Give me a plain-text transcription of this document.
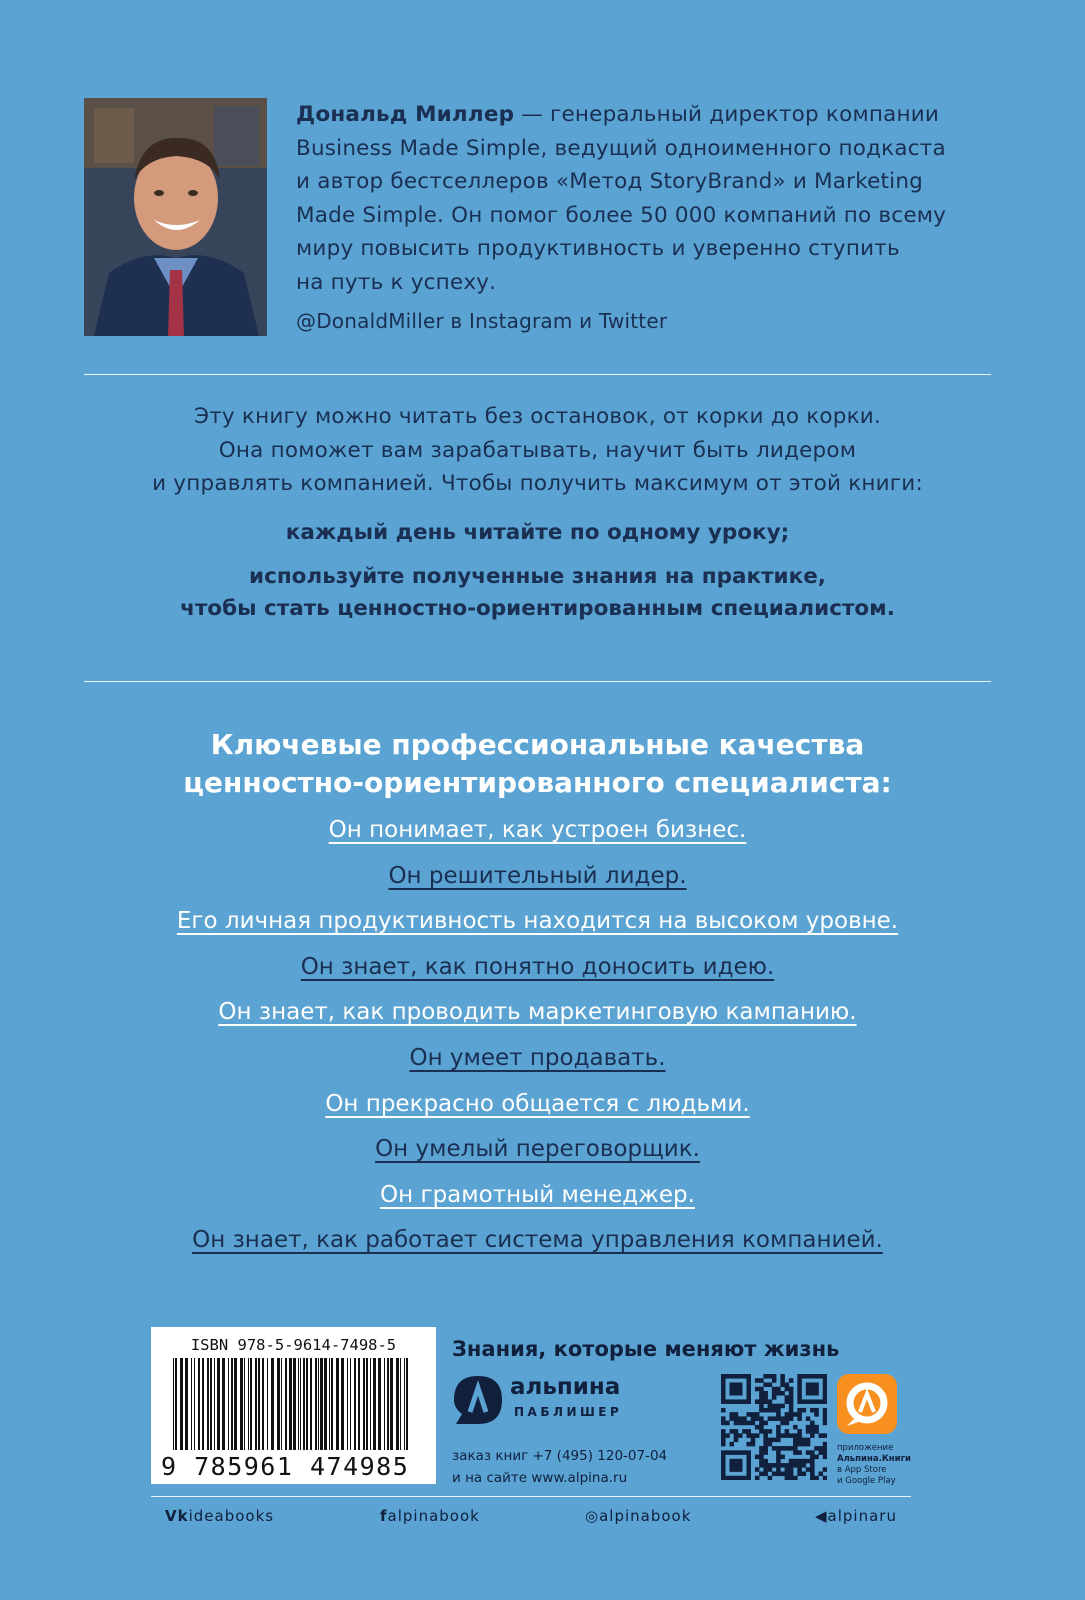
Дональд Миллер — генеральный директор компании
Business Made Simple, ведущий одноименного подкаста
и автор бестселлеров «Метод StoryBrand» и Marketing
Made Simple. Он помог более 50 000 компаний по всему
миру повысить продуктивность и уверенно ступить
на путь к успеху.
@DonaldMiller в Instagram и Twitter

Эту книгу можно читать без остановок, от корки до корки.

Она поможет вам зарабатывать, научит быть лидером

и управлять компанией. Чтобы получить максимум от этой книги:

каждый день читайте по одному уроку;

используйте полученные знания на практике,

чтобы стать ценностно-ориентированным специалистом.

Ключевые профессиональные качества
ценностно-ориентированного специалиста:
Он понимает, как устроен бизнес.
Он решительный лидер.
Его личная продуктивность находится на высоком уровне.
Он знает, как понятно доносить идею.
Он знает, как проводить маркетинговую кампанию.
Он умеет продавать.
Он прекрасно общается с людьми.
Он умелый переговорщик.
Он грамотный менеджер.
Он знает, как работает система управления компанией.
ISBN 978-5-9614-7498-5
9 785961 474985
Знания, которые меняют жизнь
альпина
ПАБЛИШЕР
заказ книг +7 (495) 120-07-04
и на сайте www.alpina.ru
приложение
Альпина.Книги
в App Store
и Google Play
Vkideabooks	falpinabook	◎alpinabook	◀alpinaru
